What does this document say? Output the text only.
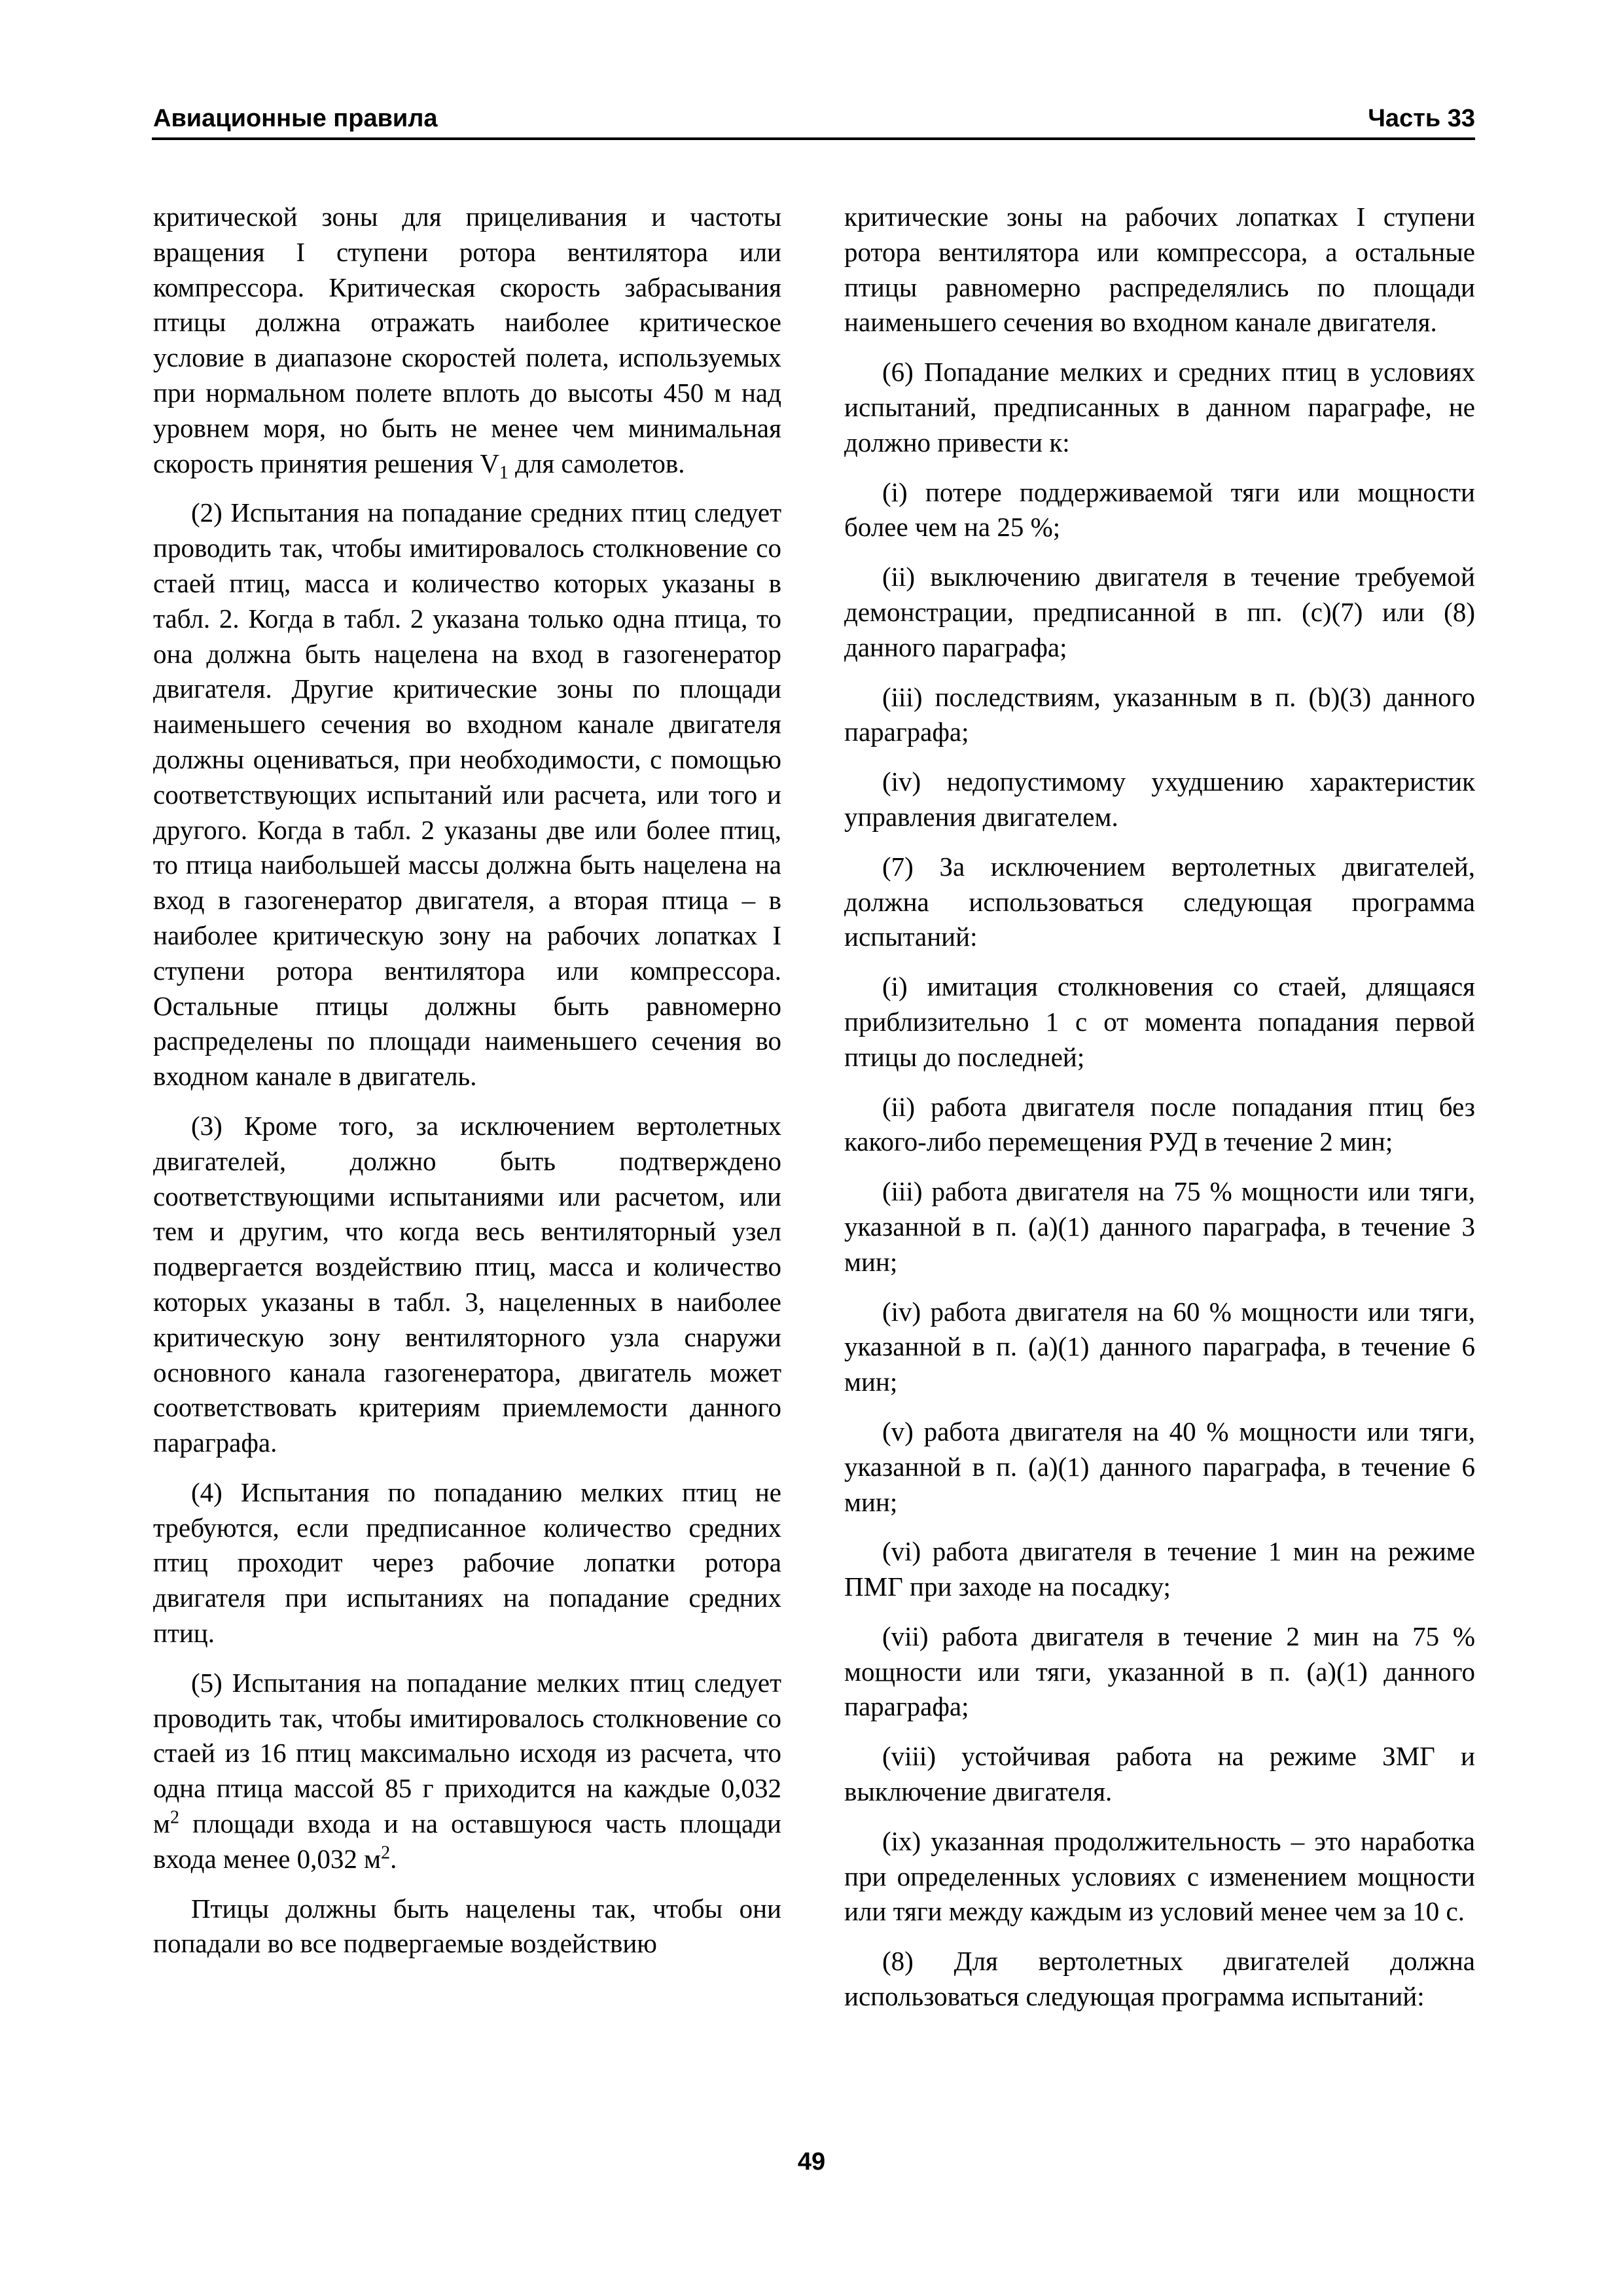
Авиационные правила	Часть 33

критической зоны для прицеливания и частоты вращения I ступени ротора вентилятора или компрессора. Критическая скорость забрасывания птицы должна отражать наиболее критическое условие в диапазоне скоростей полета, используемых при нормальном полете вплоть до высоты 450 м над уровнем моря, но быть не менее чем минимальная скорость принятия решения $V_1$ для самолетов.

(2) Испытания на попадание средних птиц следует проводить так, чтобы имитировалось столкновение со стаей птиц, масса и количество которых указаны в табл. 2. Когда в табл. 2 указана только одна птица, то она должна быть нацелена на вход в газогенератор двигателя. Другие критические зоны по площади наименьшего сечения во входном канале двигателя должны оцениваться, при необходимости, с помощью соответствующих испытаний или расчета, или того и другого. Когда в табл. 2 указаны две или более птиц, то птица наибольшей массы должна быть нацелена на вход в газогенератор двигателя, а вторая птица – в наиболее критическую зону на рабочих лопатках I ступени ротора вентилятора или компрессора. Остальные птицы должны быть равномерно распределены по площади наименьшего сечения во входном канале в двигатель.

(3) Кроме того, за исключением вертолетных двигателей, должно быть подтверждено соответствующими испытаниями или расчетом, или тем и другим, что когда весь вентиляторный узел подвергается воздействию птиц, масса и количество которых указаны в табл. 3, нацеленных в наиболее критическую зону вентиляторного узла снаружи основного канала газогенератора, двигатель может соответствовать критериям приемлемости данного параграфа.

(4) Испытания по попаданию мелких птиц не требуются, если предписанное количество средних птиц проходит через рабочие лопатки ротора двигателя при испытаниях на попадание средних птиц.

(5) Испытания на попадание мелких птиц следует проводить так, чтобы имитировалось столкновение со стаей из 16 птиц максимально исходя из расчета, что одна птица массой 85 г приходится на каждые 0,032 $м^2$ площади входа и на оставшуюся часть площади входа менее 0,032 $м^2$.

Птицы должны быть нацелены так, чтобы они попадали во все подвергаемые воздействию

критические зоны на рабочих лопатках I ступени ротора вентилятора или компрессора, а остальные птицы равномерно распределялись по площади наименьшего сечения во входном канале двигателя.

(6) Попадание мелких и средних птиц в условиях испытаний, предписанных в данном параграфе, не должно привести к:

(i) потере поддерживаемой тяги или мощности более чем на 25 %;

(ii) выключению двигателя в течение требуемой демонстрации, предписанной в пп. (c)(7) или (8) данного параграфа;

(iii) последствиям, указанным в п. (b)(3) данного параграфа;

(iv) недопустимому ухудшению характеристик управления двигателем.

(7) За исключением вертолетных двигателей, должна использоваться следующая программа испытаний:

(i) имитация столкновения со стаей, длящаяся приблизительно 1 с от момента попадания первой птицы до последней;

(ii) работа двигателя после попадания птиц без какого-либо перемещения РУД в течение 2 мин;

(iii) работа двигателя на 75 % мощности или тяги, указанной в п. (a)(1) данного параграфа, в течение 3 мин;

(iv) работа двигателя на 60 % мощности или тяги, указанной в п. (a)(1) данного параграфа, в течение 6 мин;

(v) работа двигателя на 40 % мощности или тяги, указанной в п. (a)(1) данного параграфа, в течение 6 мин;

(vi) работа двигателя в течение 1 мин на режиме ПМГ при заходе на посадку;

(vii) работа двигателя в течение 2 мин на 75 % мощности или тяги, указанной в п. (a)(1) данного параграфа;

(viii) устойчивая работа на режиме ЗМГ и выключение двигателя.

(ix) указанная продолжительность – это наработка при определенных условиях с изменением мощности или тяги между каждым из условий менее чем за 10 с.

(8) Для вертолетных двигателей должна использоваться следующая программа испытаний:

49
